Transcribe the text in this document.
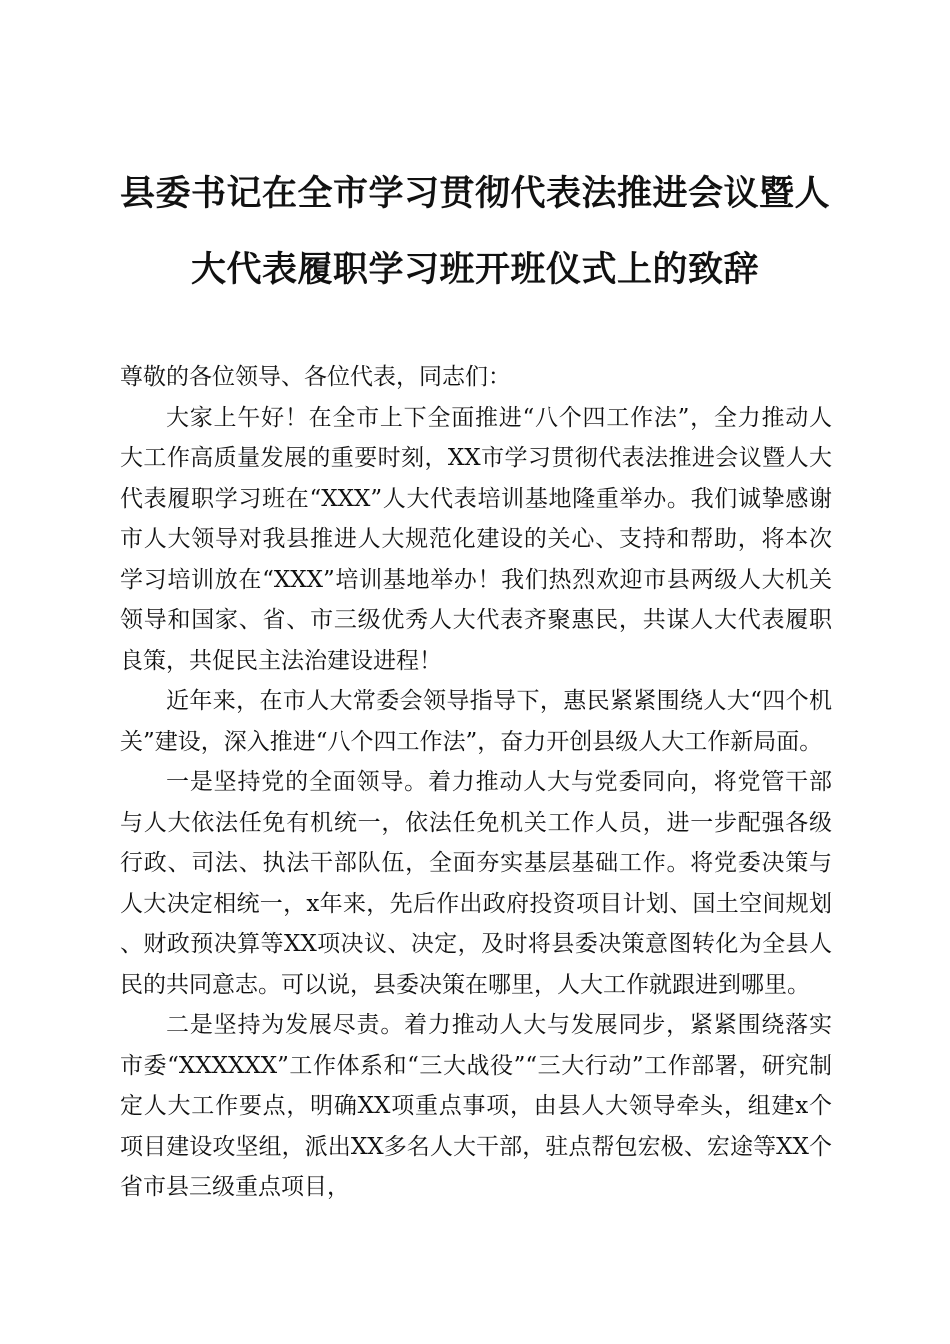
县委书记在全市学习贯彻代表法推进会议暨人
大代表履职学习班开班仪式上的致辞

尊敬的各位领导、各位代表，同志们：

大家上午好！在全市上下全面推进“八个四工作法”，全力推动人大工作高质量发展的重要时刻，XX市学习贯彻代表法推进会议暨人大代表履职学习班在“XXX”人大代表培训基地隆重举办。我们诚挚感谢市人大领导对我县推进人大规范化建设的关心、支持和帮助，将本次学习培训放在“XXX”培训基地举办！我们热烈欢迎市县两级人大机关领导和国家、省、市三级优秀人大代表齐聚惠民，共谋人大代表履职良策，共促民主法治建设进程！

近年来，在市人大常委会领导指导下，惠民紧紧围绕人大“四个机关”建设，深入推进“八个四工作法”，奋力开创县级人大工作新局面。

一是坚持党的全面领导。着力推动人大与党委同向，将党管干部与人大依法任免有机统一，依法任免机关工作人员，进一步配强各级行政、司法、执法干部队伍，全面夯实基层基础工作。将党委决策与人大决定相统一，x年来，先后作出政府投资项目计划、国土空间规划、财政预决算等XX项决议、决定，及时将县委决策意图转化为全县人民的共同意志。可以说，县委决策在哪里，人大工作就跟进到哪里。

二是坚持为发展尽责。着力推动人大与发展同步，紧紧围绕落实市委“XXXXXX”工作体系和“三大战役”“三大行动”工作部署，研究制定人大工作要点，明确XX项重点事项，由县人大领导牵头，组建x个项目建设攻坚组，派出XX多名人大干部，驻点帮包宏极、宏途等XX个省市县三级重点项目，
